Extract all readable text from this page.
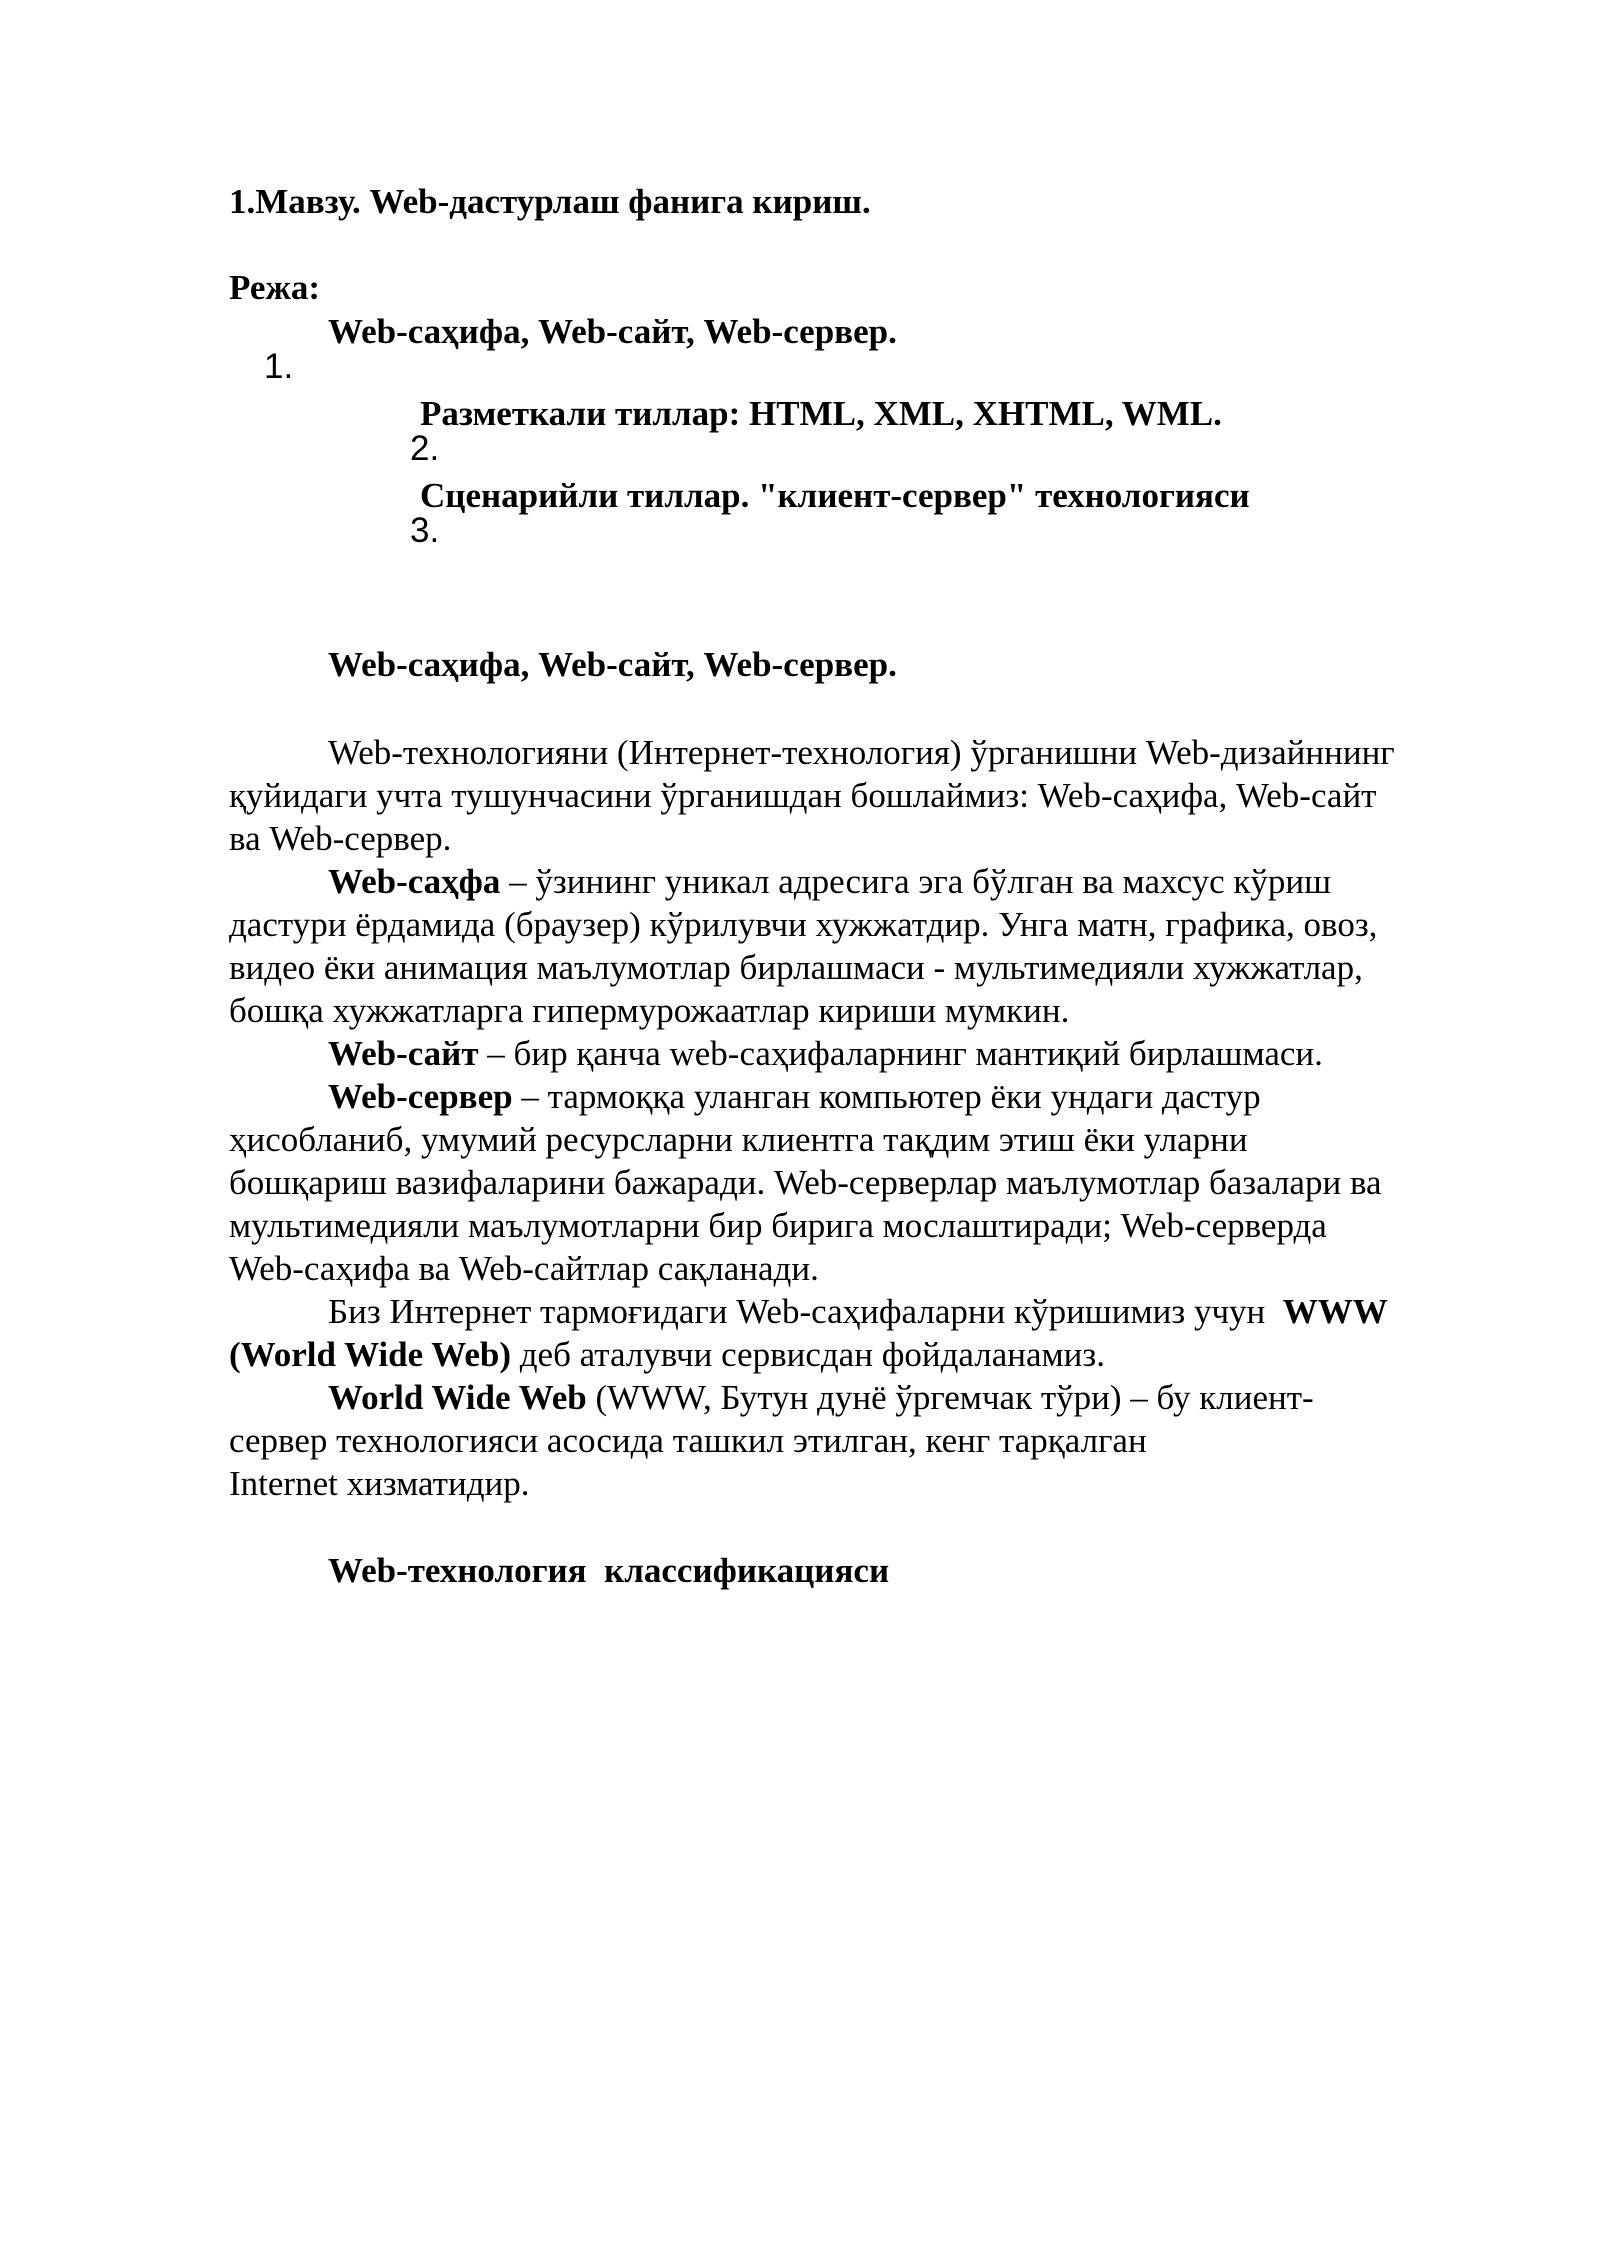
1.Мавзу. Web-дастурлаш фанига кириш.
Режа:

1.

Web-саҳифа, Web-сайт, Web-сервер.

2.

Разметкали тиллар: HTML, XML, XHTML, WML.

3.

Сценарийли тиллар. "клиент-сервер" технологияси
Web-саҳифа, Web-сайт, Web-сервер.
Web-технологияни (Интернет-технология) ўрганишни Web-дизайннинг
қуйидаги учта тушунчасини ўрганишдан бошлаймиз: Web-саҳифа, Web-сайт
ва Web-сервер.
Web-саҳфа – ўзининг уникал адресига эга бўлган ва махсус кўриш
дастури ёрдамида (браузер) кўрилувчи хужжатдир. Унга матн, графика, овоз,
видео ёки анимация маълумотлар бирлашмаси - мультимедияли хужжатлар,
бошқа хужжатларга гипермурожаатлар кириши мумкин.
Web-сайт – бир қанча web-саҳифаларнинг мантиқий бирлашмаси.
Web-сервер – тармоққа уланган компьютер ёки ундаги дастур
ҳисобланиб, умумий ресурсларни клиентга тақдим этиш ёки уларни
бошқариш вазифаларини бажаради. Web-серверлар маълумотлар базалари ва
мультимедияли маълумотларни бир бирига мослаштиради; Web-серверда
Web-саҳифа ва Web-сайтлар сақланади.
Биз Интернет тармоғидаги Web-саҳифаларни кўришимиз учун  WWW
(World Wide Web) деб аталувчи сервисдан фойдаланамиз.
World Wide Web (WWW, Бутун дунё ўргемчак тўри) – бу клиент-
сервер технологияси асосида ташкил этилган, кенг тарқалган
Internet хизматидир.
Web-технология  классификацияси
